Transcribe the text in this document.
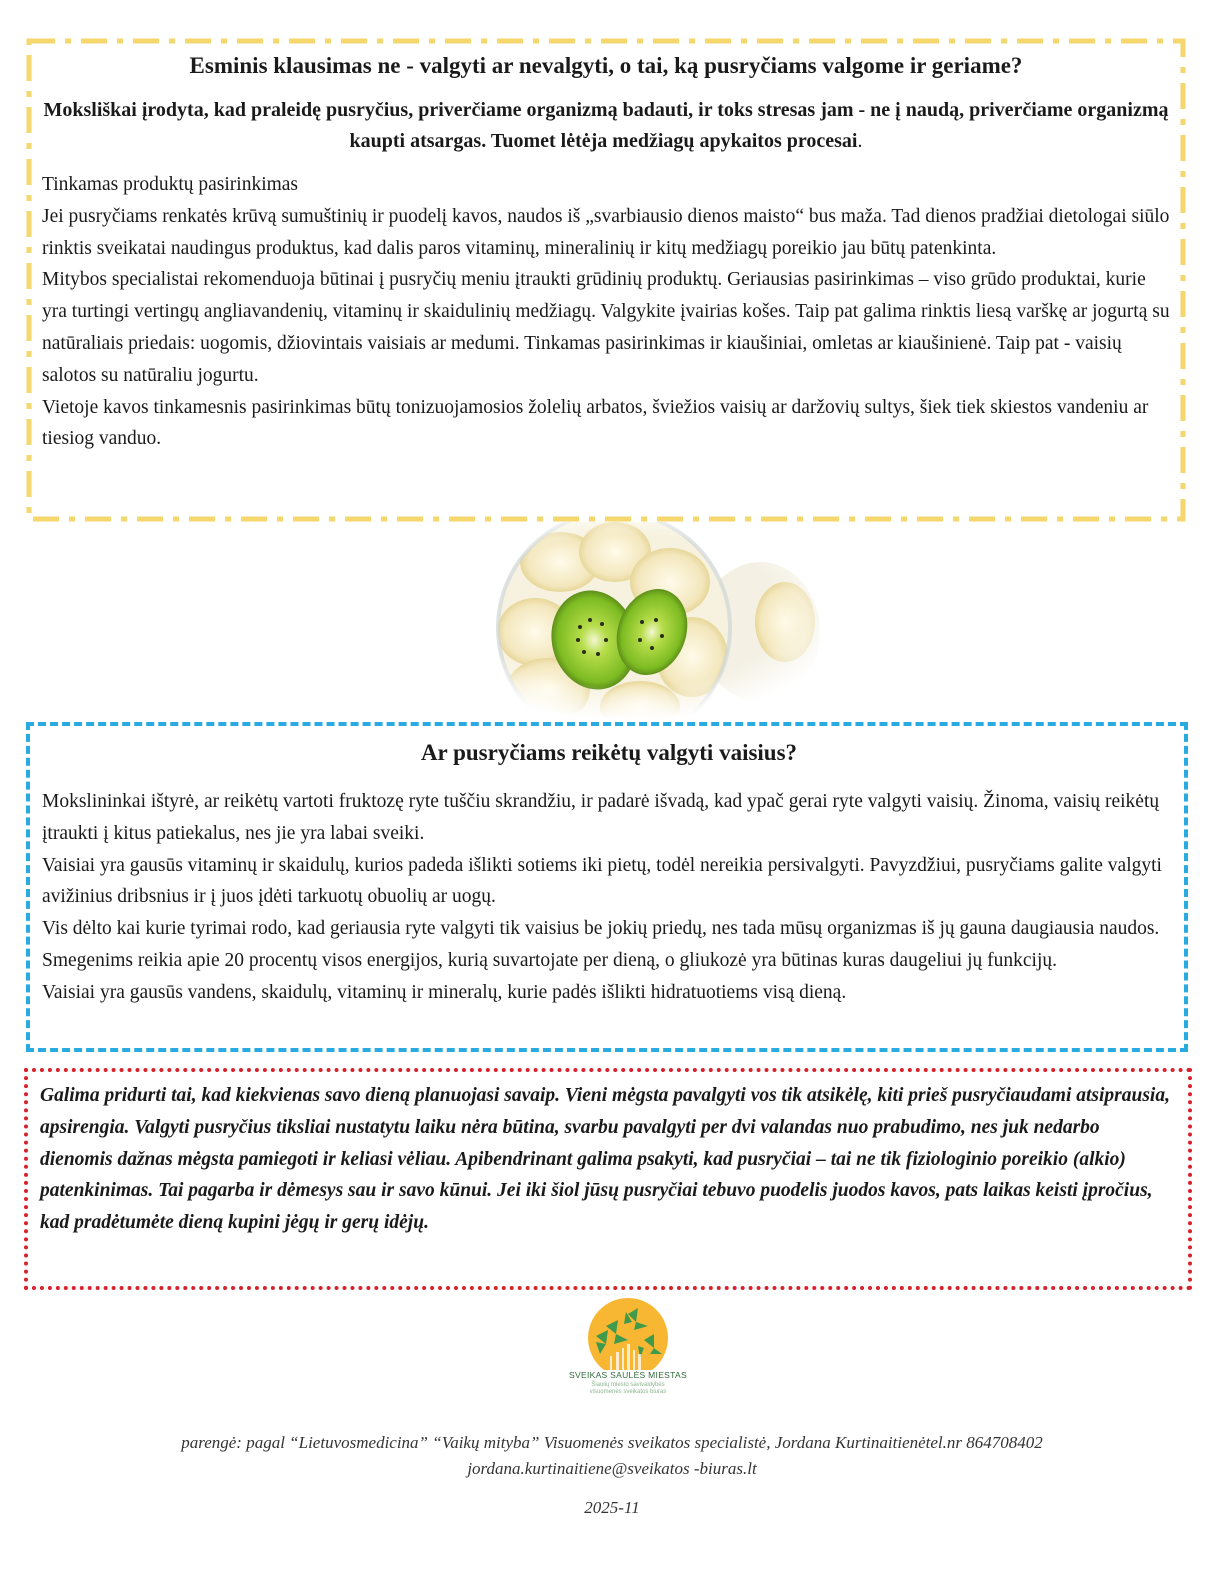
Esminis klausimas ne - valgyti ar nevalgyti, o tai, ką pusryčiams valgome ir geriame?

Moksliškai įrodyta, kad praleidę pusryčius, priverčiame organizmą badauti, ir toks stresas jam - ne į naudą, priverčiame organizmą kaupti atsargas. Tuomet lėtėja medžiagų apykaitos procesai.

Tinkamas produktų pasirinkimas

Jei pusryčiams renkatės krūvą sumuštinių ir puodelį kavos, naudos iš „svarbiausio dienos maisto“ bus maža. Tad dienos pradžiai dietologai siūlo rinktis sveikatai naudingus produktus, kad dalis paros vitaminų, mineralinių ir kitų medžiagų poreikio jau būtų patenkinta.

Mitybos specialistai rekomenduoja būtinai į pusryčių meniu įtraukti grūdinių produktų. Geriausias pasirinkimas – viso grūdo produktai, kurie yra turtingi vertingų angliavandenių, vitaminų ir skaidulinių medžiagų. Valgykite įvairias košes. Taip pat galima rinktis liesą varškę ar jogurtą su natūraliais priedais: uogomis, džiovintais vaisiais ar medumi. Tinkamas pasirinkimas ir kiaušiniai, omletas ar kiaušinienė. Taip pat - vaisių salotos su natūraliu jogurtu.

Vietoje kavos tinkamesnis pasirinkimas būtų tonizuojamosios žolelių arbatos, šviežios vaisių ar daržovių sultys, šiek tiek skiestos vandeniu ar tiesiog vanduo.

Ar pusryčiams reikėtų valgyti vaisius?

Mokslininkai ištyrė, ar reikėtų vartoti fruktozę ryte tuščiu skrandžiu, ir padarė išvadą, kad ypač gerai ryte valgyti vaisių. Žinoma, vaisių reikėtų įtraukti į kitus patiekalus, nes jie yra labai sveiki.

Vaisiai yra gausūs vitaminų ir skaidulų, kurios padeda išlikti sotiems iki pietų, todėl nereikia persivalgyti. Pavyzdžiui, pusryčiams galite valgyti avižinius dribsnius ir į juos įdėti tarkuotų obuolių ar uogų.

Vis dėlto kai kurie tyrimai rodo, kad geriausia ryte valgyti tik vaisius be jokių priedų, nes tada mūsų organizmas iš jų gauna daugiausia naudos. Smegenims reikia apie 20 procentų visos energijos, kurią suvartojate per dieną, o gliukozė yra būtinas kuras daugeliui jų funkcijų.

Vaisiai yra gausūs vandens, skaidulų, vitaminų ir mineralų, kurie padės išlikti hidratuotiems visą dieną.

Galima pridurti tai, kad kiekvienas savo dieną planuojasi savaip. Vieni mėgsta pavalgyti vos tik atsikėlę, kiti prieš pusryčiaudami atsiprausia, apsirengia. Valgyti pusryčius tiksliai nustatytu laiku nėra būtina, svarbu pavalgyti per dvi valandas nuo prabudimo, nes juk nedarbo dienomis dažnas mėgsta pamiegoti ir keliasi vėliau. Apibendrinant galima psakyti, kad pusryčiai – tai ne tik fiziologinio poreikio (alkio) patenkinimas. Tai pagarba ir dėmesys sau ir savo kūnui. Jei iki šiol jūsų pusryčiai tebuvo puodelis juodos kavos, pats laikas keisti įpročius, kad pradėtumėte dieną kupini jėgų ir gerų idėjų.

SVEIKAS SAULĖS MIESTAS
Šiaulių miesto savivaldybės
visuomenės sveikatos biuras
parengė: pagal “Lietuvosmedicina” “Vaikų mityba” Visuomenės sveikatos specialistė, Jordana Kurtinaitienėtel.nr 864708402
jordana.kurtinaitiene@sveikatos -biuras.lt
2025-11
